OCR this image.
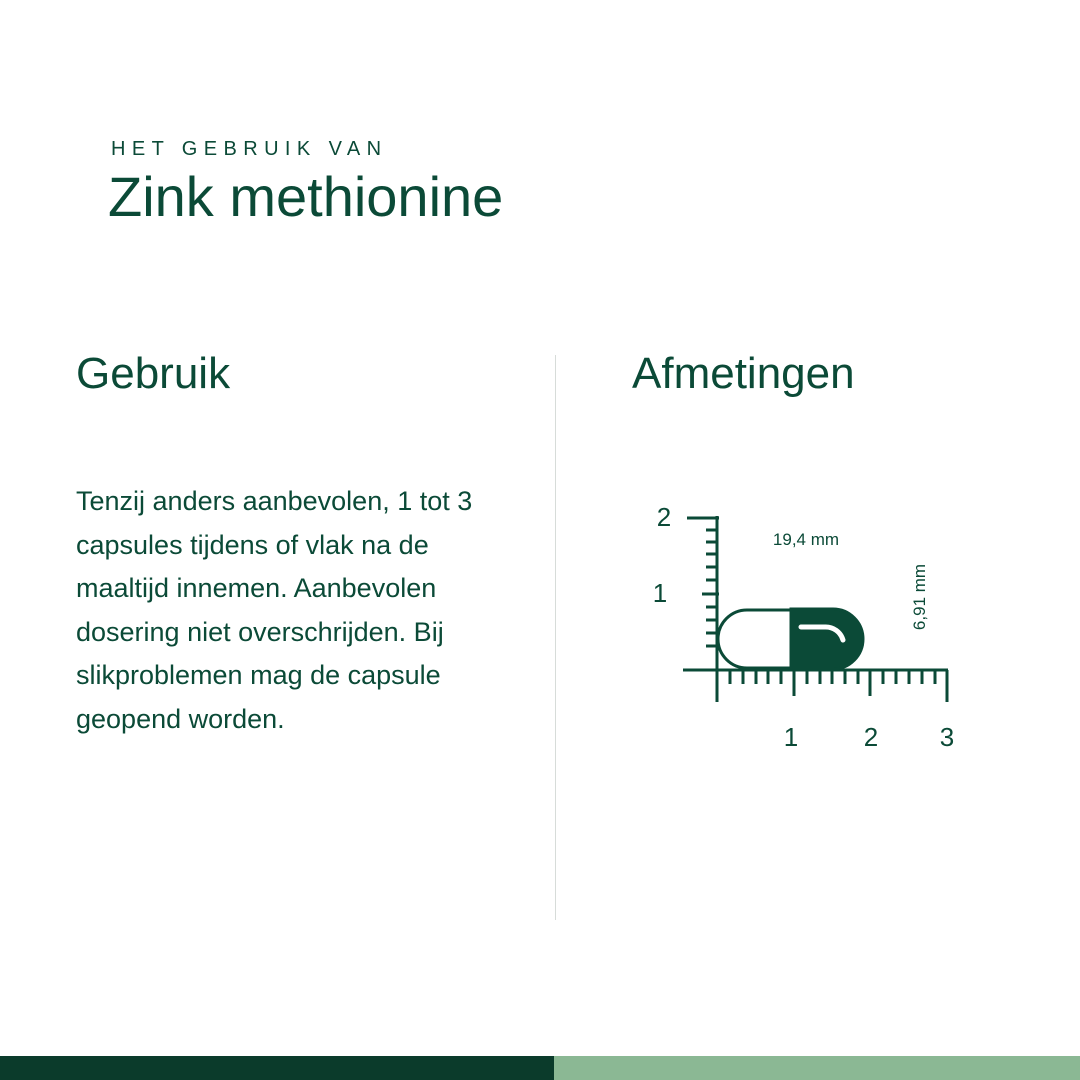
HET GEBRUIK VAN
Zink methionine
Gebruik	Afmetingen
Tenzij anders aanbevolen, 1 tot 3 capsules tijdens of vlak na de maaltijd innemen. Aanbevolen dosering niet overschrijden. Bij slikproblemen mag de capsule geopend worden.
2
1
1	2 3
19,4 mm
6,91 mm
